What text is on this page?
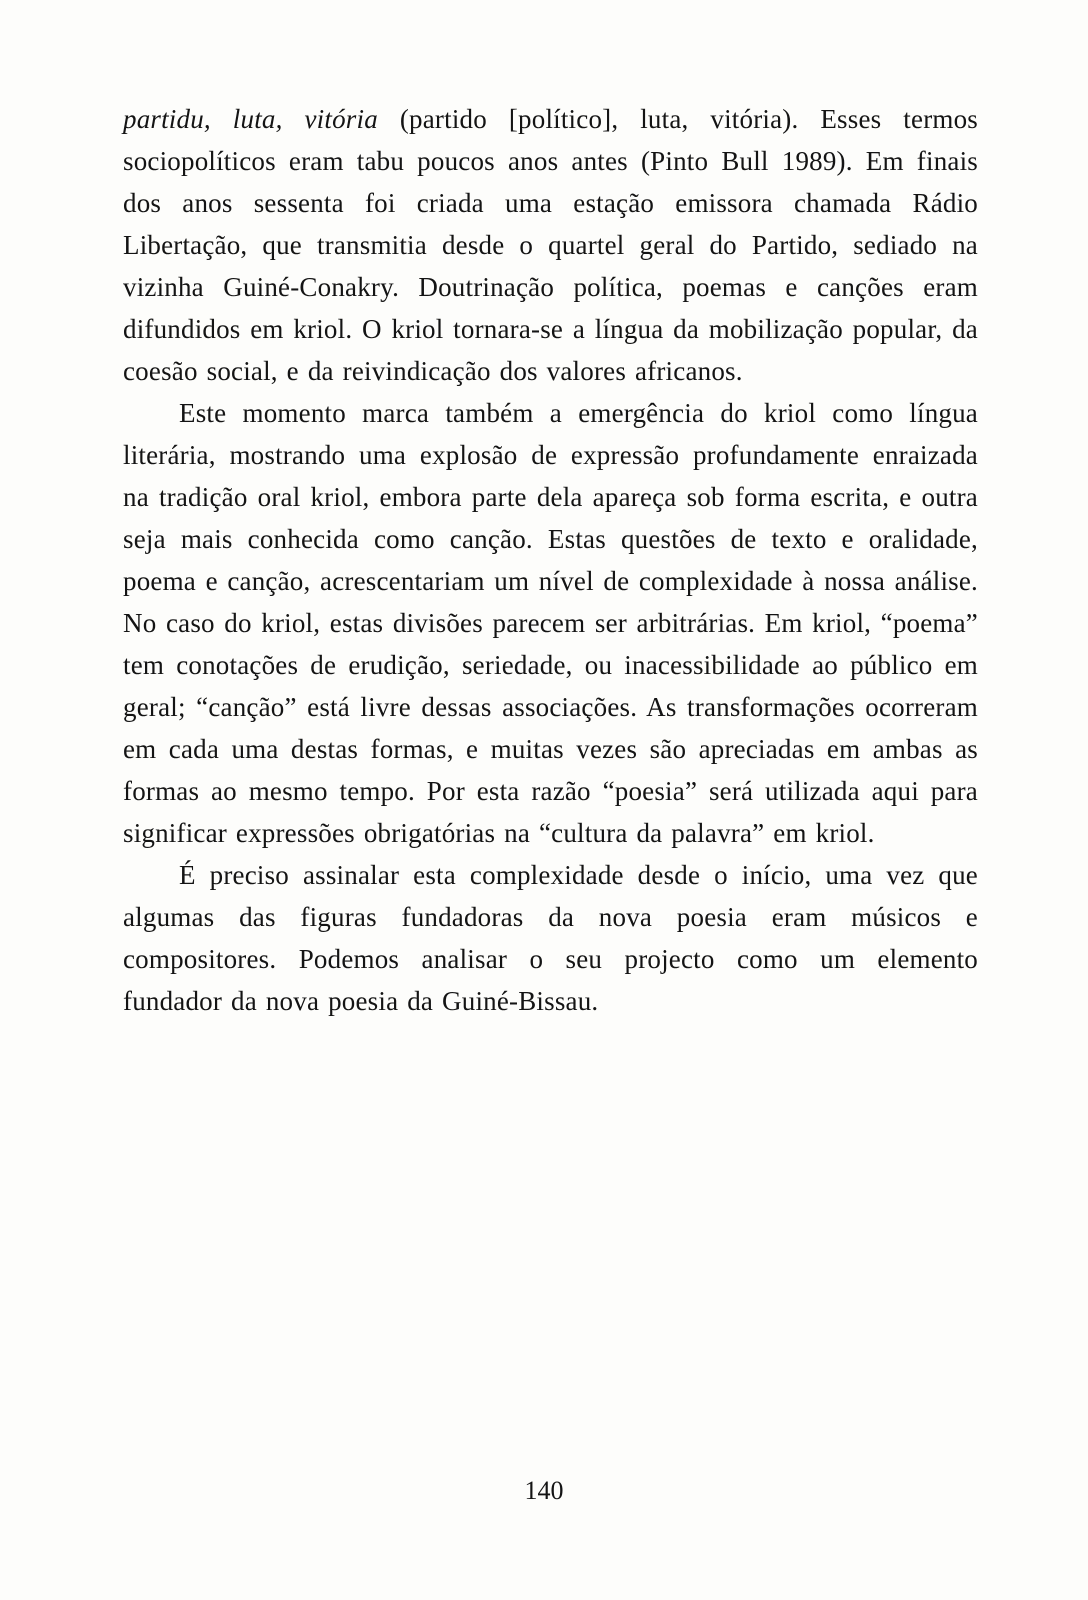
partidu, luta, vitória (partido [político], luta, vitória). Esses termos sociopolíticos eram tabu poucos anos antes (Pinto Bull 1989). Em finais dos anos sessenta foi criada uma estação emissora chamada Rádio Libertação, que transmitia desde o quartel geral do Partido, sediado na vizinha Guiné-Conakry. Doutrinação política, poemas e canções eram difundidos em kriol. O kriol tornara-se a língua da mobilização popular, da coesão social, e da reivindicação dos valores africanos.

Este momento marca também a emergência do kriol como língua literária, mostrando uma explosão de expressão profundamente enraizada na tradição oral kriol, embora parte dela apareça sob forma escrita, e outra seja mais conhecida como canção. Estas questões de texto e oralidade, poema e canção, acrescentariam um nível de complexidade à nossa análise. No caso do kriol, estas divisões parecem ser arbitrárias. Em kriol, “poema” tem conotações de erudição, seriedade, ou inacessibilidade ao público em geral; “canção” está livre dessas associações. As transformações ocorreram em cada uma destas formas, e muitas vezes são apreciadas em ambas as formas ao mesmo tempo. Por esta razão “poesia” será utilizada aqui para significar expressões obrigatórias na “cultura da palavra” em kriol.

É preciso assinalar esta complexidade desde o início, uma vez que algumas das figuras fundadoras da nova poesia eram músicos e compositores. Podemos analisar o seu projecto como um elemento fundador da nova poesia da Guiné-Bissau.

140
